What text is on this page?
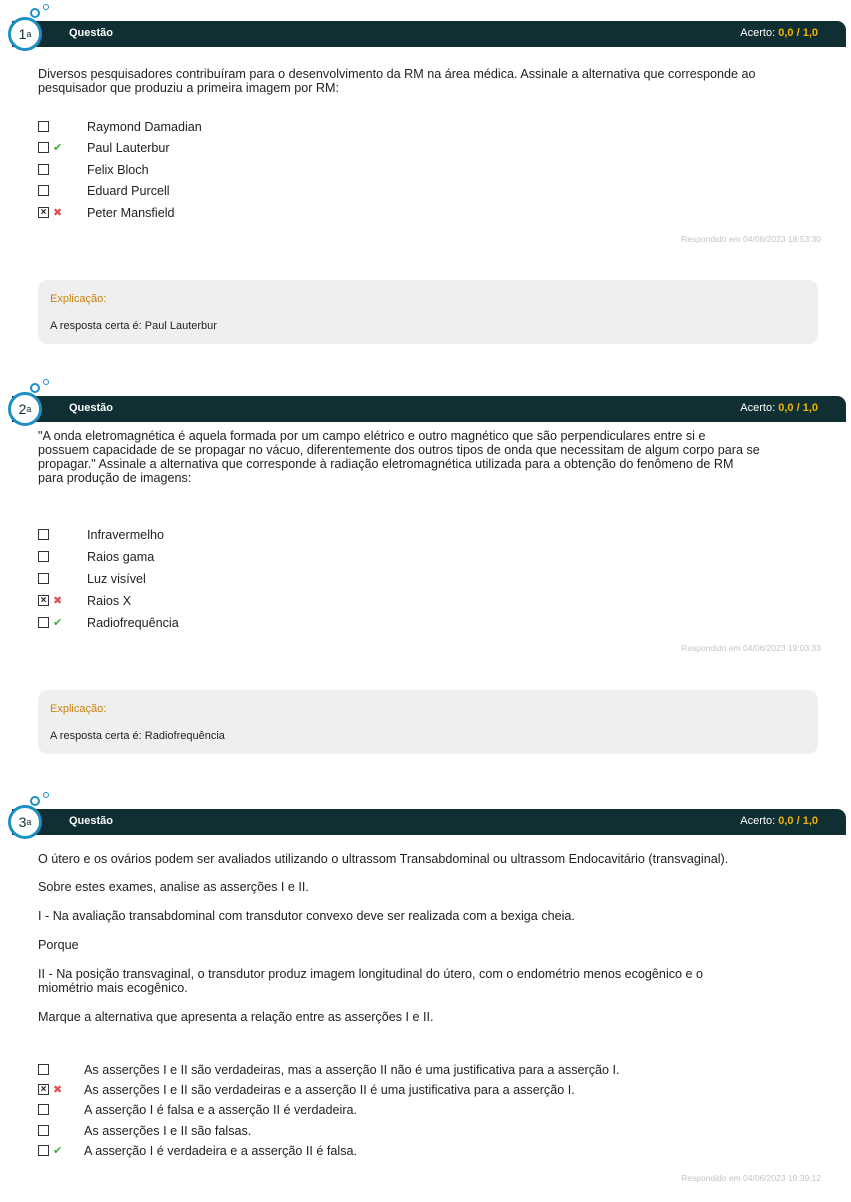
Questão	Acerto: 0,0 / 1,0
1 a
Diversos pesquisadores contribuíram para o desenvolvimento da RM na área médica. Assinale a alternativa que corresponde ao pesquisador que produziu a primeira imagem por RM:
Raymond Damadian
✔ Paul Lauterbur
Felix Bloch
Eduard Purcell
× ✖ Peter Mansfield
Respondido em 04/06/2023 18:53:30
Explicação:
A resposta certa é: Paul Lauterbur
Questão	Acerto: 0,0 / 1,0
2 a
"A onda eletromagnética é aquela formada por um campo elétrico e outro magnético que são perpendiculares entre si e
possuem capacidade de se propagar no vácuo, diferentemente dos outros tipos de onda que necessitam de algum corpo para se
propagar." Assinale a alternativa que corresponde à radiação eletromagnética utilizada para a obtenção do fenômeno de RM
para produção de imagens:
Infravermelho
Raios gama
Luz visível
× ✖ Raios X
✔ Radiofrequência
Respondido em 04/06/2023 19:03:33
Explicação:
A resposta certa é: Radiofrequência
Questão	Acerto: 0,0 / 1,0
3 a
O útero e os ovários podem ser avaliados utilizando o ultrassom Transabdominal ou ultrassom Endocavitário (transvaginal).
Sobre estes exames, analise as asserções I e II.
I - Na avaliação transabdominal com transdutor convexo deve ser realizada com a bexiga cheia.
Porque
II - Na posição transvaginal, o transdutor produz imagem longitudinal do útero, com o endométrio menos ecogênico e o
miométrio mais ecogênico.
Marque a alternativa que apresenta a relação entre as asserções I e II.
As asserções I e II são verdadeiras, mas a asserção II não é uma justificativa para a asserção I.
× ✖ As asserções I e II são verdadeiras e a asserção II é uma justificativa para a asserção I.
A asserção I é falsa e a asserção II é verdadeira.
As asserções I e II são falsas.
✔ A asserção I é verdadeira e a asserção II é falsa.
Respondido em 04/06/2023 19:39:12
